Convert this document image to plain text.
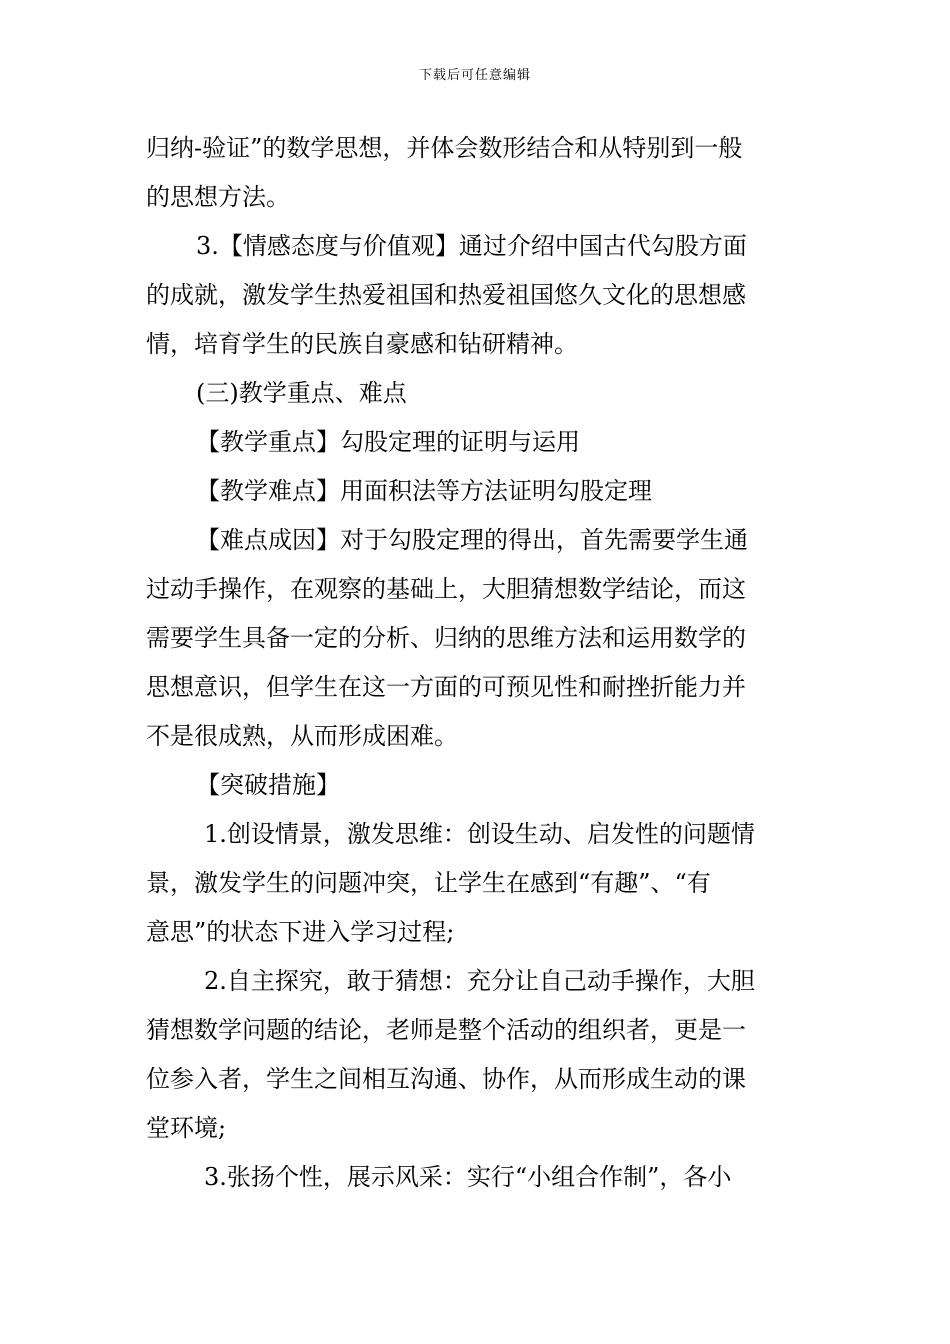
下载后可任意编辑
归纳-验证”的数学思想，并体会数形结合和从特别到一般
的思想方法。
3.【情感态度与价值观】通过介绍中国古代勾股方面
的成就，激发学生热爱祖国和热爱祖国悠久文化的思想感
情，培育学生的民族自豪感和钻研精神。
(三)教学重点、难点
【教学重点】勾股定理的证明与运用
【教学难点】用面积法等方法证明勾股定理
【难点成因】对于勾股定理的得出，首先需要学生通
过动手操作，在观察的基础上，大胆猜想数学结论，而这
需要学生具备一定的分析、归纳的思维方法和运用数学的
思想意识，但学生在这一方面的可预见性和耐挫折能力并
不是很成熟，从而形成困难。
【突破措施】
1.创设情景，激发思维：创设生动、启发性的问题情
景，激发学生的问题冲突，让学生在感到“有趣”、“有
意思”的状态下进入学习过程;
2.自主探究，敢于猜想：充分让自己动手操作，大胆
猜想数学问题的结论，老师是整个活动的组织者，更是一
位参入者，学生之间相互沟通、协作，从而形成生动的课
堂环境;
3.张扬个性，展示风采：实行“小组合作制”，各小
